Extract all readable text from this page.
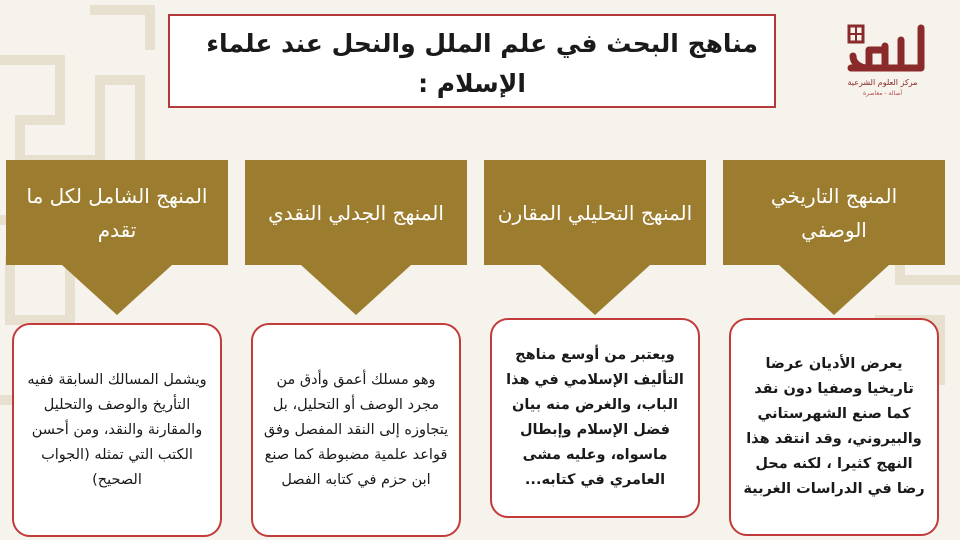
مركز العلوم الشرعية
أصالة - معاصرة
مناهج البحث في علم الملل والنحل عند علماء
الإسلام :
المنهج الشامل لكل ما تقدم
ويشمل المسالك السابقة ففيه التأريخ والوصف والتحليل والمقارنة والنقد، ومن أحسن الكتب التي تمثله (الجواب الصحيح)
المنهج الجدلي النقدي
وهو مسلك أعمق وأدق من مجرد الوصف أو التحليل، بل يتجاوزه إلى النقد المفصل وفق قواعد علمية مضبوطة كما صنع ابن حزم في كتابه الفصل
المنهج التحليلي المقارن
ويعتبر من أوسع مناهج التأليف الإسلامي في هذا الباب، والغرض منه بيان فضل الإسلام وإبطال ماسواه، وعليه مشى العامري في كتابه...
المنهج التاريخي الوصفي
يعرض الأديان عرضا تاريخيا وصفيا دون نقد كما صنع الشهرستاني والبيروني، وقد انتقد هذا النهج كثيرا ، لكنه محل رضا في الدراسات الغربية
